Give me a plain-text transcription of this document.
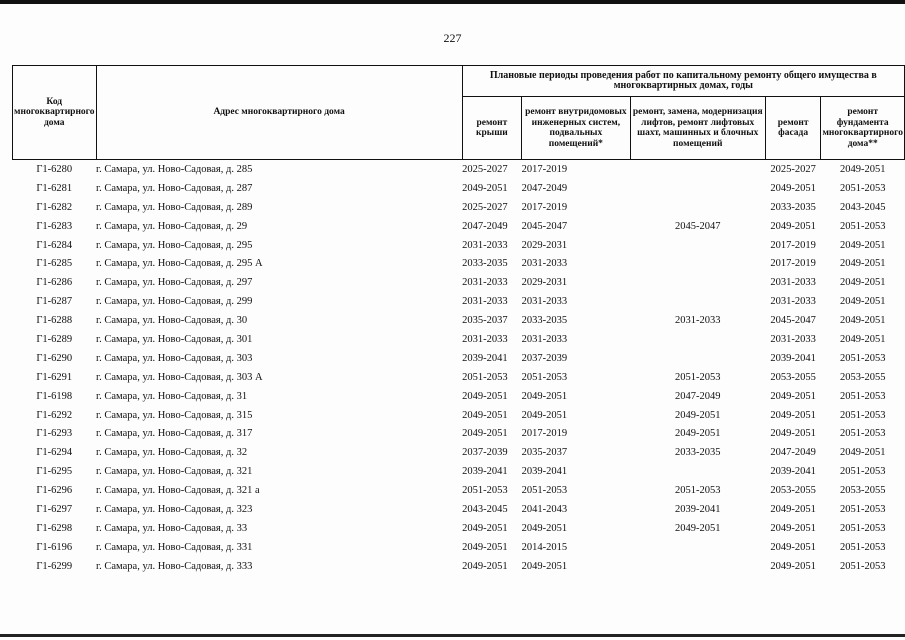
227
Код многоквартирного дома	Адрес многоквартирного дома	Плановые периоды проведения работ по капитальному ремонту общего имущества в многоквартирных домах, годы				
		ремонт крыши	ремонт внутридомовых инженерных систем, подвальных помещений*	ремонт, замена, модернизация лифтов, ремонт лифтовых шахт, машинных и блочных помещений	ремонт фасада	ремонт фундамента многоквартирного дома**
Г1-6280	г. Самара, ул. Ново-Садовая, д. 285	2025-2027	2017-2019		2025-2027	2049-2051
Г1-6281	г. Самара, ул. Ново-Садовая, д. 287	2049-2051	2047-2049		2049-2051	2051-2053
Г1-6282	г. Самара, ул. Ново-Садовая, д. 289	2025-2027	2017-2019		2033-2035	2043-2045
Г1-6283	г. Самара, ул. Ново-Садовая, д. 29	2047-2049	2045-2047	2045-2047	2049-2051	2051-2053
Г1-6284	г. Самара, ул. Ново-Садовая, д. 295	2031-2033	2029-2031		2017-2019	2049-2051
Г1-6285	г. Самара, ул. Ново-Садовая, д. 295 А	2033-2035	2031-2033		2017-2019	2049-2051
Г1-6286	г. Самара, ул. Ново-Садовая, д. 297	2031-2033	2029-2031		2031-2033	2049-2051
Г1-6287	г. Самара, ул. Ново-Садовая, д. 299	2031-2033	2031-2033		2031-2033	2049-2051
Г1-6288	г. Самара, ул. Ново-Садовая, д. 30	2035-2037	2033-2035	2031-2033	2045-2047	2049-2051
Г1-6289	г. Самара, ул. Ново-Садовая, д. 301	2031-2033	2031-2033		2031-2033	2049-2051
Г1-6290	г. Самара, ул. Ново-Садовая, д. 303	2039-2041	2037-2039		2039-2041	2051-2053
Г1-6291	г. Самара, ул. Ново-Садовая, д. 303 А	2051-2053	2051-2053	2051-2053	2053-2055	2053-2055
Г1-6198	г. Самара, ул. Ново-Садовая, д. 31	2049-2051	2049-2051	2047-2049	2049-2051	2051-2053
Г1-6292	г. Самара, ул. Ново-Садовая, д. 315	2049-2051	2049-2051	2049-2051	2049-2051	2051-2053
Г1-6293	г. Самара, ул. Ново-Садовая, д. 317	2049-2051	2017-2019	2049-2051	2049-2051	2051-2053
Г1-6294	г. Самара, ул. Ново-Садовая, д. 32	2037-2039	2035-2037	2033-2035	2047-2049	2049-2051
Г1-6295	г. Самара, ул. Ново-Садовая, д. 321	2039-2041	2039-2041		2039-2041	2051-2053
Г1-6296	г. Самара, ул. Ново-Садовая, д. 321 а	2051-2053	2051-2053	2051-2053	2053-2055	2053-2055
Г1-6297	г. Самара, ул. Ново-Садовая, д. 323	2043-2045	2041-2043	2039-2041	2049-2051	2051-2053
Г1-6298	г. Самара, ул. Ново-Садовая, д. 33	2049-2051	2049-2051	2049-2051	2049-2051	2051-2053
Г1-6196	г. Самара, ул. Ново-Садовая, д. 331	2049-2051	2014-2015		2049-2051	2051-2053
Г1-6299	г. Самара, ул. Ново-Садовая, д. 333	2049-2051	2049-2051		2049-2051	2051-2053
